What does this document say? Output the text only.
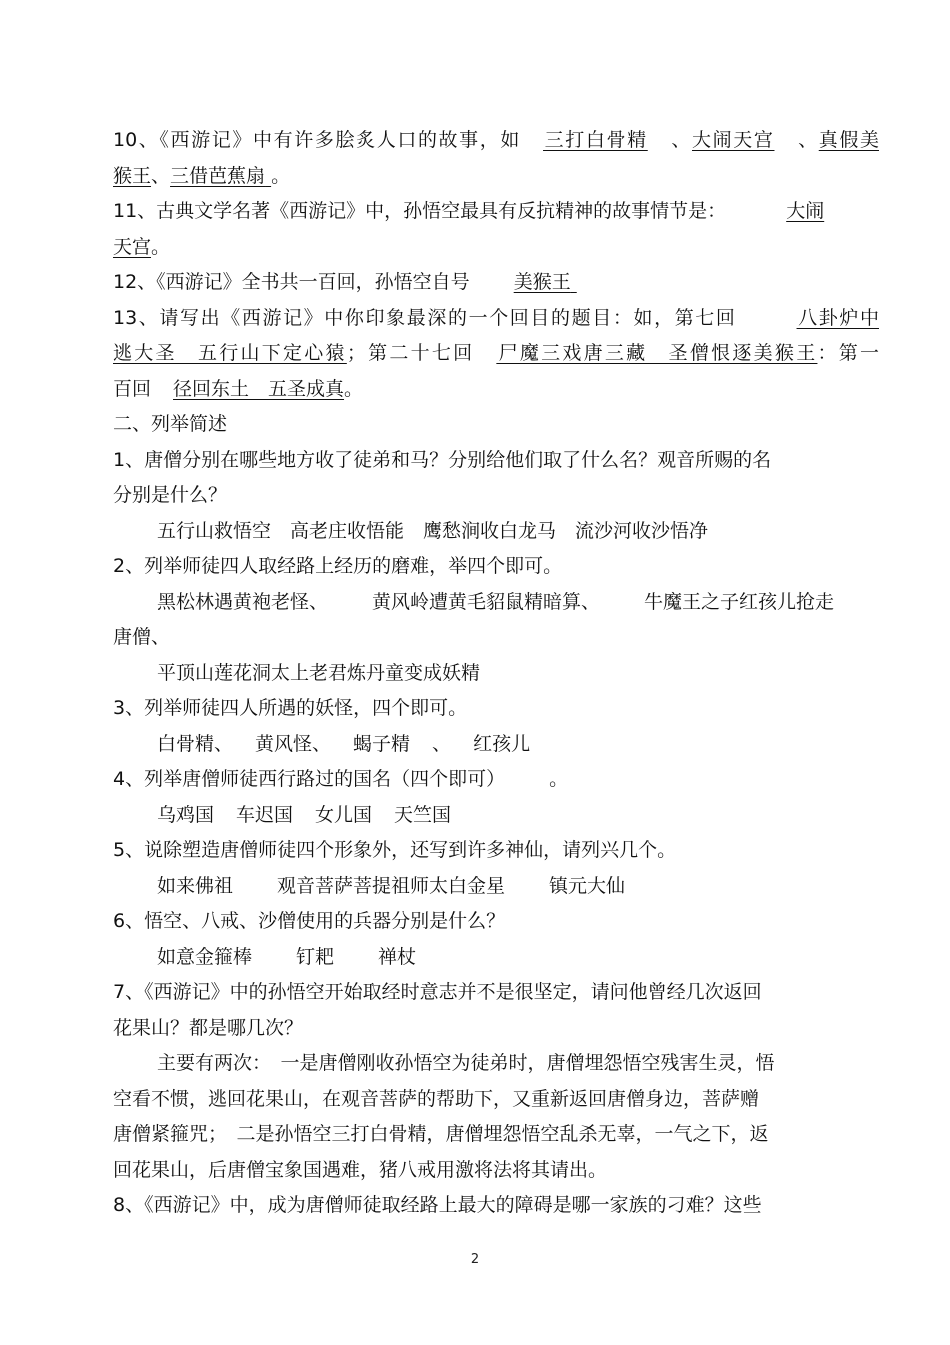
10、《西游记》中有许多脍炙人口的故事，如 三打白骨精 、大闹天宫 、真假美
猴王、三借芭蕉扇 。
11、古典文学名著《西游记》中，孙悟空最具有反抗精神的故事情节是：	大闹
天宫。
12、《西游记》全书共一百回，孙悟空自号 美猴王
13、请写出《西游记》中你印象最深的一个回目的题目：如，第七回	八卦炉中
逃大圣　五行山下定心猿；第二十七回 尸魔三戏唐三藏　圣僧恨逐美猴王：第一
百回 径回东土　五圣成真。
二、列举简述
1、唐僧分别在哪些地方收了徒弟和马？分别给他们取了什么名？观音所赐的名
分别是什么？
五行山救悟空　高老庄收悟能　鹰愁涧收白龙马　流沙河收沙悟净
2、列举师徒四人取经路上经历的磨难，举四个即可。
黑松林遇黄袍老怪、 黄风岭遭黄毛貂鼠精暗算、 牛魔王之子红孩儿抢走
唐僧、
平顶山莲花洞太上老君炼丹童变成妖精
3、列举师徒四人所遇的妖怪，四个即可。
白骨精、 黄风怪、 蝎子精 、 红孩儿
4、列举唐僧师徒西行路过的国名（四个即可） 。
乌鸡国 车迟国 女儿国 天竺国
5、说除塑造唐僧师徒四个形象外，还写到许多神仙，请列兴几个。
如来佛祖 观音菩萨菩提祖师太白金星 镇元大仙
6、悟空、八戒、沙僧使用的兵器分别是什么？
如意金箍棒 钉耙 禅杖
7、《西游记》中的孙悟空开始取经时意志并不是很坚定，请问他曾经几次返回
花果山？都是哪几次？
主要有两次：　一是唐僧刚收孙悟空为徒弟时，唐僧埋怨悟空残害生灵，悟
空看不惯，逃回花果山，在观音菩萨的帮助下，又重新返回唐僧身边，菩萨赠
唐僧紧箍咒；　二是孙悟空三打白骨精，唐僧埋怨悟空乱杀无辜，一气之下，返
回花果山，后唐僧宝象国遇难，猪八戒用激将法将其请出。
8、《西游记》中，成为唐僧师徒取经路上最大的障碍是哪一家族的刁难？这些
2
